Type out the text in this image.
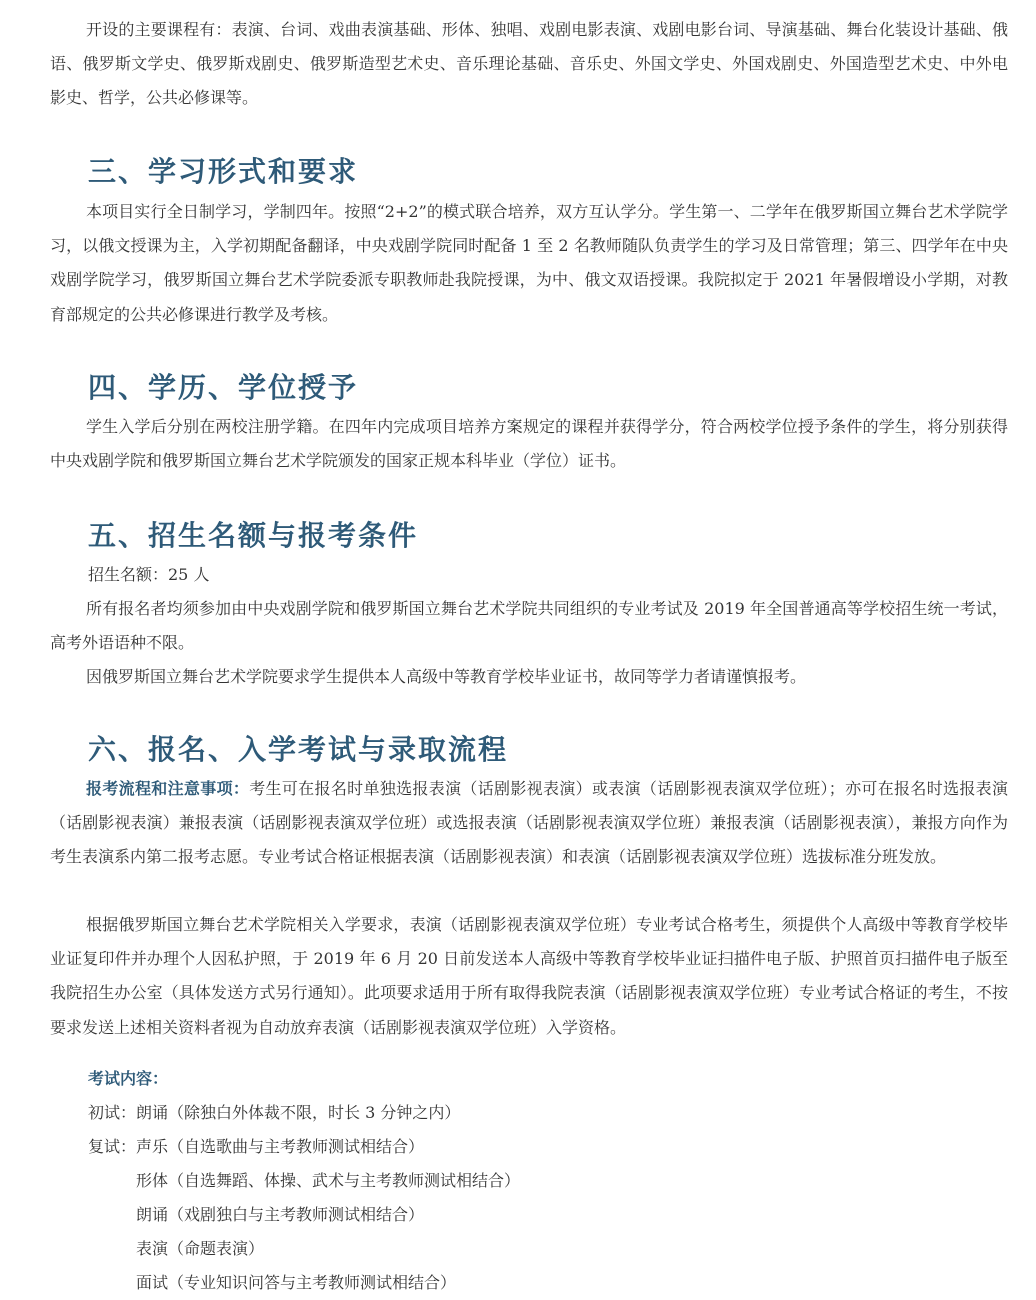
开设的主要课程有：表演、台词、戏曲表演基础、形体、独唱、戏剧电影表演、戏剧电影台词、导演基础、舞台化装设计基础、俄语、俄罗斯文学史、俄罗斯戏剧史、俄罗斯造型艺术史、音乐理论基础、音乐史、外国文学史、外国戏剧史、外国造型艺术史、中外电影史、哲学，公共必修课等。

三、学习形式和要求

本项目实行全日制学习，学制四年。按照“2+2”的模式联合培养，双方互认学分。学生第一、二学年在俄罗斯国立舞台艺术学院学习，以俄文授课为主，入学初期配备翻译，中央戏剧学院同时配备 1 至 2 名教师随队负责学生的学习及日常管理；第三、四学年在中央戏剧学院学习，俄罗斯国立舞台艺术学院委派专职教师赴我院授课，为中、俄文双语授课。我院拟定于 2021 年暑假增设小学期，对教育部规定的公共必修课进行教学及考核。

四、学历、学位授予

学生入学后分别在两校注册学籍。在四年内完成项目培养方案规定的课程并获得学分，符合两校学位授予条件的学生，将分别获得中央戏剧学院和俄罗斯国立舞台艺术学院颁发的国家正规本科毕业（学位）证书。

五、招生名额与报考条件

招生名额：25 人

所有报名者均须参加由中央戏剧学院和俄罗斯国立舞台艺术学院共同组织的专业考试及 2019 年全国普通高等学校招生统一考试，高考外语语种不限。

因俄罗斯国立舞台艺术学院要求学生提供本人高级中等教育学校毕业证书，故同等学力者请谨慎报考。

六、报名、入学考试与录取流程

报考流程和注意事项：考生可在报名时单独选报表演（话剧影视表演）或表演（话剧影视表演双学位班）；亦可在报名时选报表演（话剧影视表演）兼报表演（话剧影视表演双学位班）或选报表演（话剧影视表演双学位班）兼报表演（话剧影视表演），兼报方向作为考生表演系内第二报考志愿。专业考试合格证根据表演（话剧影视表演）和表演（话剧影视表演双学位班）选拔标准分班发放。

根据俄罗斯国立舞台艺术学院相关入学要求，表演（话剧影视表演双学位班）专业考试合格考生，须提供个人高级中等教育学校毕业证复印件并办理个人因私护照，于 2019 年 6 月 20 日前发送本人高级中等教育学校毕业证扫描件电子版、护照首页扫描件电子版至我院招生办公室（具体发送方式另行通知）。此项要求适用于所有取得我院表演（话剧影视表演双学位班）专业考试合格证的考生，不按要求发送上述相关资料者视为自动放弃表演（话剧影视表演双学位班）入学资格。

考试内容：

初试：朗诵（除独白外体裁不限，时长 3 分钟之内）

复试：声乐（自选歌曲与主考教师测试相结合）

形体（自选舞蹈、体操、武术与主考教师测试相结合）

朗诵（戏剧独白与主考教师测试相结合）

表演（命题表演）

面试（专业知识问答与主考教师测试相结合）
